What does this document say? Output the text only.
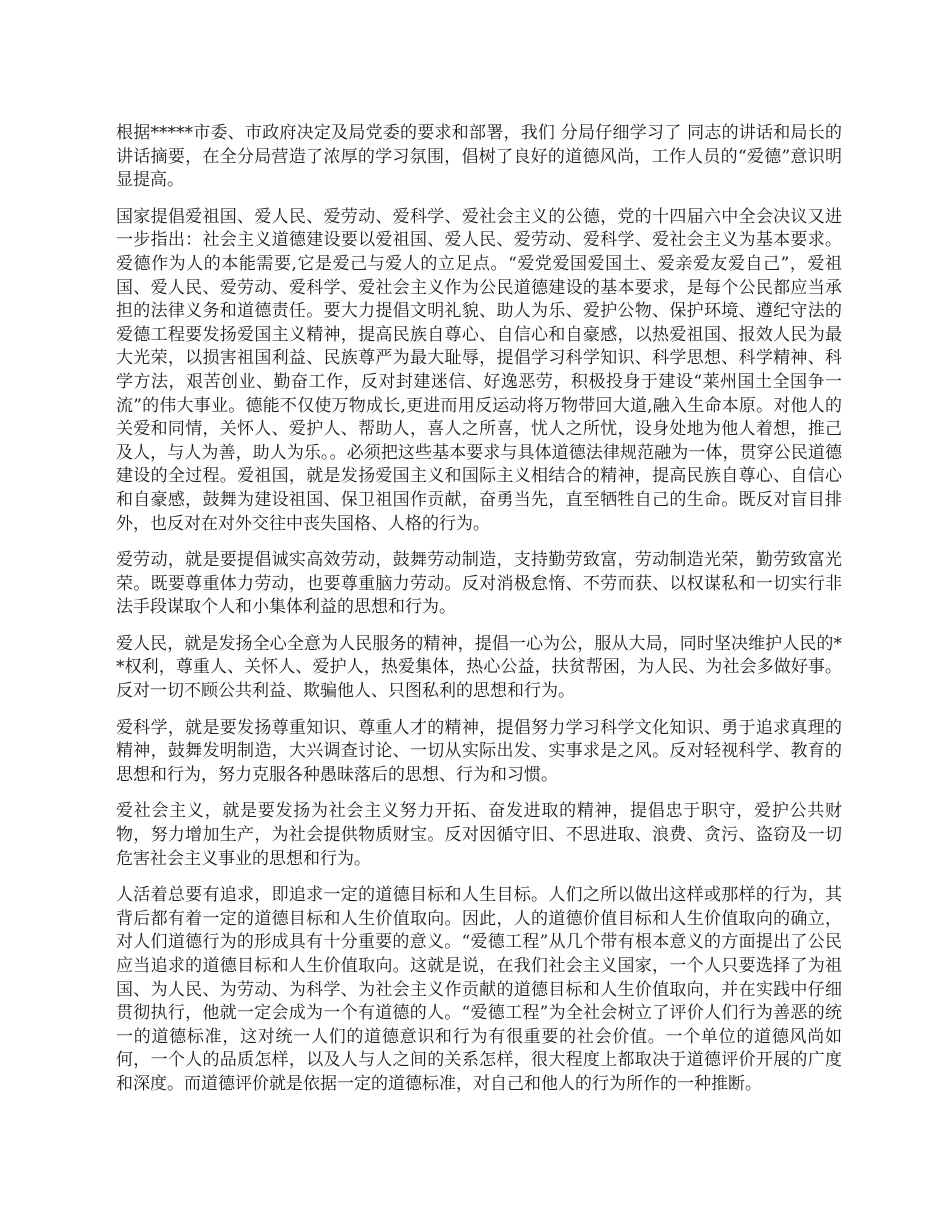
根据*****市委、市政府决定及局党委的要求和部署，我们 分局仔细学习了 同志的讲话和局长的讲话摘要，在全分局营造了浓厚的学习氛围，倡树了良好的道德风尚，工作人员的“爱德”意识明显提高。

国家提倡爱祖国、爱人民、爱劳动、爱科学、爱社会主义的公德，党的十四届六中全会决议又进一步指出：社会主义道德建设要以爱祖国、爱人民、爱劳动、爱科学、爱社会主义为基本要求。爱德作为人的本能需要,它是爱己与爱人的立足点。“爱党爱国爱国土、爱亲爱友爱自己”，爱祖国、爱人民、爱劳动、爱科学、爱社会主义作为公民道德建设的基本要求，是每个公民都应当承担的法律义务和道德责任。要大力提倡文明礼貌、助人为乐、爱护公物、保护环境、遵纪守法的爱德工程要发扬爱国主义精神，提高民族自尊心、自信心和自豪感，以热爱祖国、报效人民为最大光荣，以损害祖国利益、民族尊严为最大耻辱，提倡学习科学知识、科学思想、科学精神、科学方法，艰苦创业、勤奋工作，反对封建迷信、好逸恶劳，积极投身于建设“莱州国土全国争一流”的伟大事业。德能不仅使万物成长,更进而用反运动将万物带回大道,融入生命本原。对他人的关爱和同情，关怀人、爱护人、帮助人，喜人之所喜，忧人之所忧，设身处地为他人着想，推己及人，与人为善，助人为乐。。必须把这些基本要求与具体道德法律规范融为一体，贯穿公民道德建设的全过程。爱祖国，就是发扬爱国主义和国际主义相结合的精神，提高民族自尊心、自信心和自豪感，鼓舞为建设祖国、保卫祖国作贡献，奋勇当先，直至牺牲自己的生命。既反对盲目排外，也反对在对外交往中丧失国格、人格的行为。

爱劳动，就是要提倡诚实高效劳动，鼓舞劳动制造，支持勤劳致富，劳动制造光荣，勤劳致富光荣。既要尊重体力劳动，也要尊重脑力劳动。反对消极怠惰、不劳而获、以权谋私和一切实行非法手段谋取个人和小集体利益的思想和行为。

爱人民，就是发扬全心全意为人民服务的精神，提倡一心为公，服从大局，同时坚决维护人民的**权利，尊重人、关怀人、爱护人，热爱集体，热心公益，扶贫帮困，为人民、为社会多做好事。反对一切不顾公共利益、欺骗他人、只图私利的思想和行为。

爱科学，就是要发扬尊重知识、尊重人才的精神，提倡努力学习科学文化知识、勇于追求真理的精神，鼓舞发明制造，大兴调查讨论、一切从实际出发、实事求是之风。反对轻视科学、教育的思想和行为，努力克服各种愚昧落后的思想、行为和习惯。

爱社会主义，就是要发扬为社会主义努力开拓、奋发进取的精神，提倡忠于职守，爱护公共财物，努力增加生产，为社会提供物质财宝。反对因循守旧、不思进取、浪费、贪污、盗窃及一切危害社会主义事业的思想和行为。

人活着总要有追求，即追求一定的道德目标和人生目标。人们之所以做出这样或那样的行为，其背后都有着一定的道德目标和人生价值取向。因此，人的道德价值目标和人生价值取向的确立，对人们道德行为的形成具有十分重要的意义。“爱德工程”从几个带有根本意义的方面提出了公民应当追求的道德目标和人生价值取向。这就是说，在我们社会主义国家，一个人只要选择了为祖国、为人民、为劳动、为科学、为社会主义作贡献的道德目标和人生价值取向，并在实践中仔细贯彻执行，他就一定会成为一个有道德的人。“爱德工程”为全社会树立了评价人们行为善恶的统一的道德标准，这对统一人们的道德意识和行为有很重要的社会价值。一个单位的道德风尚如何，一个人的品质怎样，以及人与人之间的关系怎样，很大程度上都取决于道德评价开展的广度和深度。而道德评价就是依据一定的道德标准，对自己和他人的行为所作的一种推断。
